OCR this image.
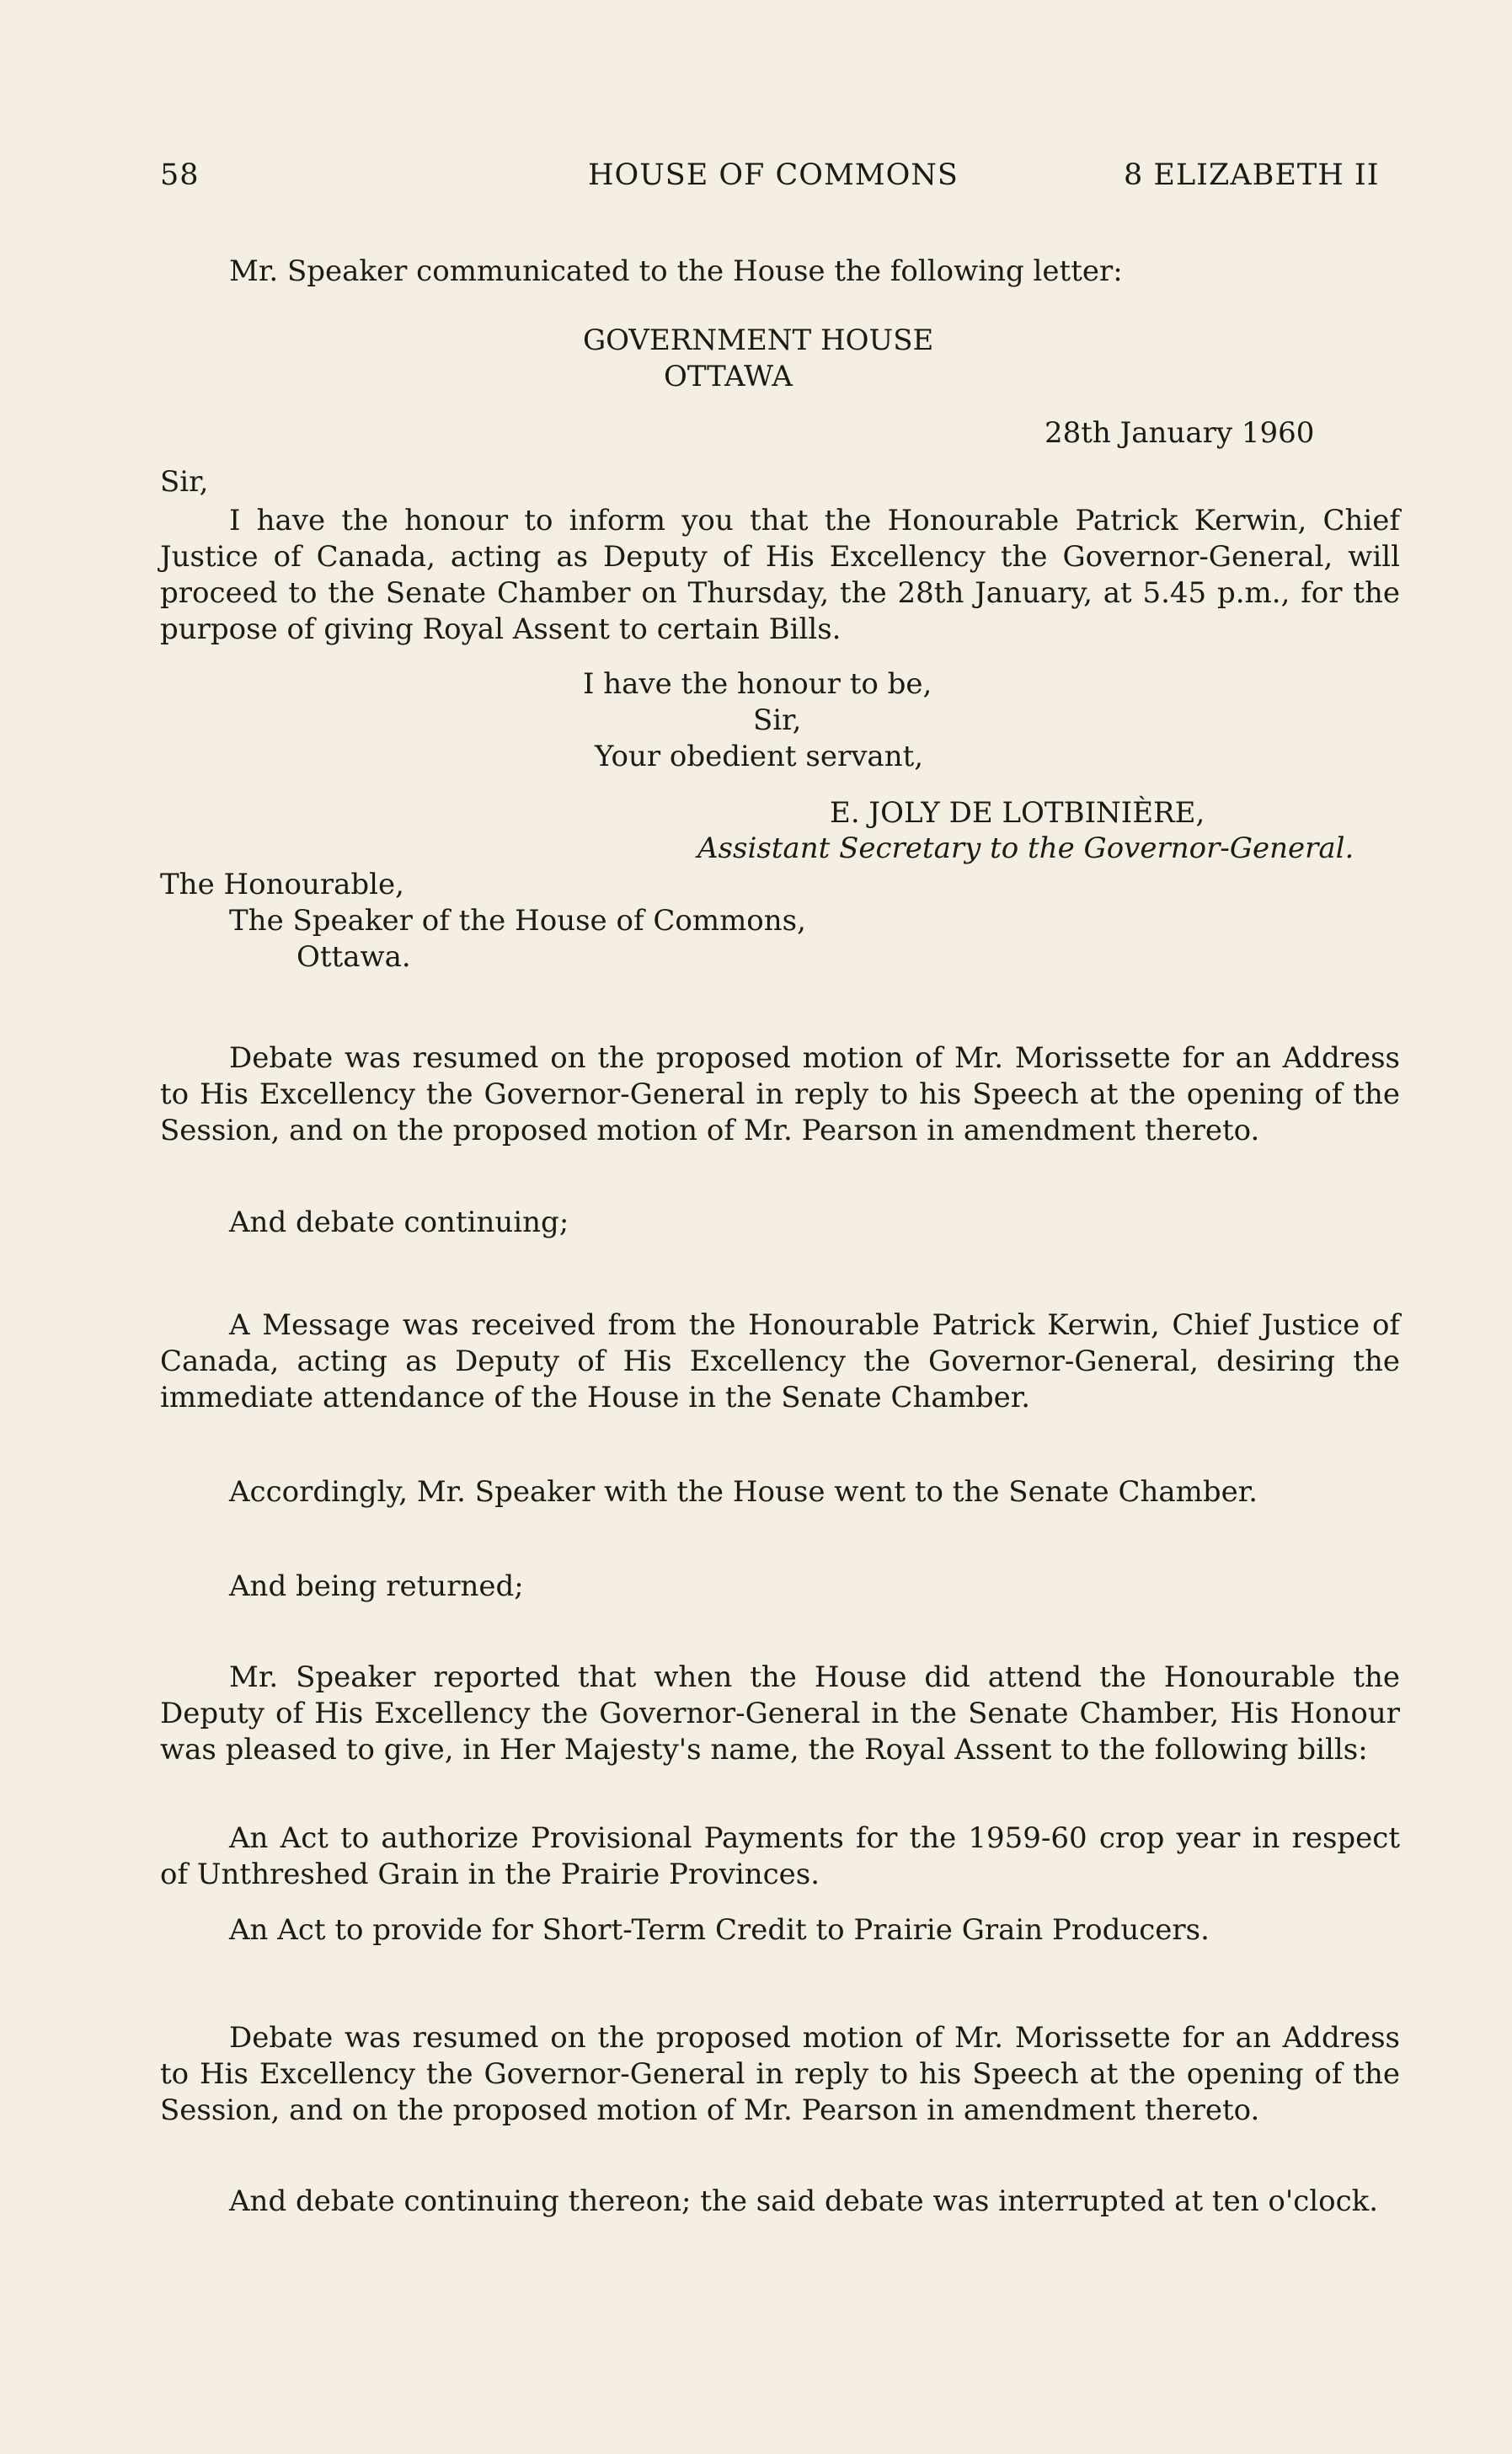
58	HOUSE OF COMMONS	8 ELIZABETH II
Mr. Speaker communicated to the House the following letter:
GOVERNMENT HOUSE
OTTAWA
28th January 1960
Sir,
I have the honour to inform you that the Honourable Patrick Kerwin, Chief Justice of Canada, acting as Deputy of His Excellency the Governor-General, will proceed to the Senate Chamber on Thursday, the 28th January, at 5.45 p.m., for the purpose of giving Royal Assent to certain Bills.
I have the honour to be,
Sir,
Your obedient servant,
E. JOLY DE LOTBINIÈRE,
Assistant Secretary to the Governor-General.
The Honourable,
The Speaker of the House of Commons,
Ottawa.
Debate was resumed on the proposed motion of Mr. Morissette for an Address to His Excellency the Governor-General in reply to his Speech at the opening of the Session, and on the proposed motion of Mr. Pearson in amendment thereto.
And debate continuing;
A Message was received from the Honourable Patrick Kerwin, Chief Justice of Canada, acting as Deputy of His Excellency the Governor-General, desiring the immediate attendance of the House in the Senate Chamber.
Accordingly, Mr. Speaker with the House went to the Senate Chamber.
And being returned;
Mr. Speaker reported that when the House did attend the Honourable the Deputy of His Excellency the Governor-General in the Senate Chamber, His Honour was pleased to give, in Her Majesty's name, the Royal Assent to the following bills:
An Act to authorize Provisional Payments for the 1959-60 crop year in respect of Unthreshed Grain in the Prairie Provinces.
An Act to provide for Short-Term Credit to Prairie Grain Producers.
Debate was resumed on the proposed motion of Mr. Morissette for an Address to His Excellency the Governor-General in reply to his Speech at the opening of the Session, and on the proposed motion of Mr. Pearson in amendment thereto.
And debate continuing thereon; the said debate was interrupted at ten o'clock.
